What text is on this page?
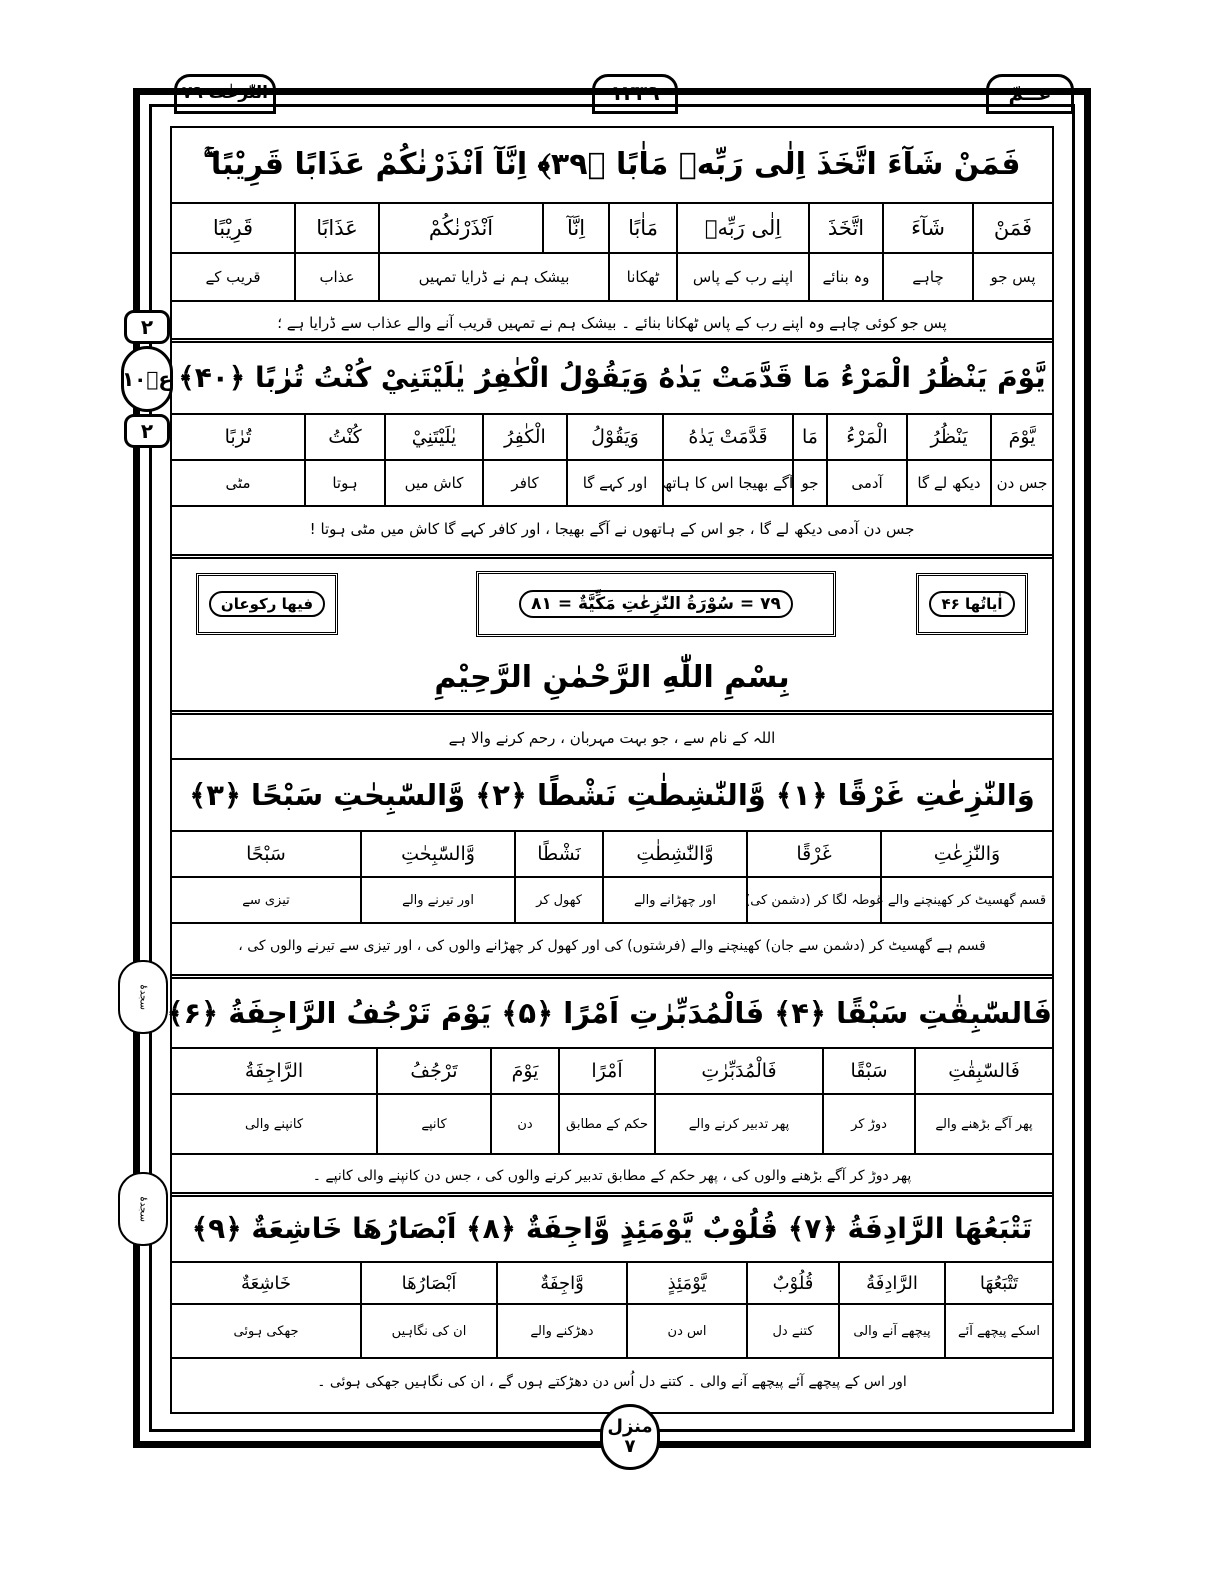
عــمّ
۱۲۳۹
النّٰزعٰت ۷۹
۲
عٖ۱۰
۲
سجدۂ
سجدۂ
فَمَنْ شَآءَ اتَّخَذَ اِلٰى رَبِّهٖ مَاٰبًا ﴿۳۹﴾ اِنَّآ اَنْذَرْنٰكُمْ عَذَابًا قَرِيْبًا ۚۖ
فَمَنْ
شَآءَ
اتَّخَذَ
اِلٰى رَبِّهٖ
مَاٰبًا
اِنَّآ
اَنْذَرْنٰكُمْ
عَذَابًا
قَرِيْبًا
پس جو
چاہے
وہ بنائے
اپنے رب کے پاس
ٹھکانا
بیشک ہم نے ڈرایا تمہیں
عذاب
قریب کے
پس جو کوئی چاہے وہ اپنے رب کے پاس ٹھکانا بنائے ۔ بیشک ہم نے تمہیں قریب آنے والے عذاب سے ڈرایا ہے ؛
يَّوْمَ يَنْظُرُ الْمَرْءُ مَا قَدَّمَتْ يَدٰهُ وَيَقُوْلُ الْكٰفِرُ يٰلَيْتَنِيْ كُنْتُ تُرٰبًا ﴿۴۰﴾
يَّوْمَ
يَنْظُرُ
الْمَرْءُ
مَا
قَدَّمَتْ يَدٰهُ
وَيَقُوْلُ
الْكٰفِرُ
يٰلَيْتَنِيْ
كُنْتُ
تُرٰبًا
جس دن
دیکھ لے گا
آدمی
جو
آگے بھیجا اس کا ہاتھ
اور کہے گا
کافر
کاش میں
ہوتا
مٹی
جس دن آدمی دیکھ لے گا ، جو اس کے ہاتھوں نے آگے بھیجا ، اور کافر کہے گا کاش میں مٹی ہوتا !
اٰیاتُھا ۴۶
۷۹ = سُوْرَةُ النّٰزِعٰتِ مَكِّيَّةٌ = ۸۱
فیھا رکوعان
بِسْمِ اللّٰهِ الرَّحْمٰنِ الرَّحِيْمِ
اللہ کے نام سے ، جو بہت مہربان ، رحم کرنے والا ہے
وَالنّٰزِعٰتِ غَرْقًا ﴿۱﴾ وَّالنّٰشِطٰتِ نَشْطًا ﴿۲﴾ وَّالسّٰبِحٰتِ سَبْحًا ﴿۳﴾
وَالنّٰزِعٰتِ
غَرْقًا
وَّالنّٰشِطٰتِ
نَشْطًا
وَّالسّٰبِحٰتِ
سَبْحًا
قسم گھسیٹ کر کھینچنے والے
غوطہ لگا کر (دشمن کی)
اور چھڑانے والے
کھول کر
اور تیرنے والے
تیزی سے
قسم ہے گھسیٹ کر (دشمن سے جان) کھینچنے والے (فرشتوں) کی اور کھول کر چھڑانے والوں کی ، اور تیزی سے تیرنے والوں کی ،
فَالسّٰبِقٰتِ سَبْقًا ﴿۴﴾ فَالْمُدَبِّرٰتِ اَمْرًا ﴿۵﴾ يَوْمَ تَرْجُفُ الرَّاجِفَةُ ﴿۶﴾
فَالسّٰبِقٰتِ
سَبْقًا
فَالْمُدَبِّرٰتِ
اَمْرًا
يَوْمَ
تَرْجُفُ
الرَّاجِفَةُ
پھر آگے بڑھنے والے
دوڑ کر
پھر تدبیر کرنے والے
حکم کے مطابق
دن
کانپے
کانپنے والی
پھر دوڑ کر آگے بڑھنے والوں کی ، پھر حکم کے مطابق تدبیر کرنے والوں کی ، جس دن کانپنے والی کانپے ۔
تَتْبَعُهَا الرَّادِفَةُ ﴿۷﴾ قُلُوْبٌ يَّوْمَئِذٍ وَّاجِفَةٌ ﴿۸﴾ اَبْصَارُهَا خَاشِعَةٌ ﴿۹﴾
تَتْبَعُهَا
الرَّادِفَةُ
قُلُوْبٌ
يَّوْمَئِذٍ
وَّاجِفَةٌ
اَبْصَارُهَا
خَاشِعَةٌ
اسکے پیچھے آئے
پیچھے آنے والی
کتنے دل
اس دن
دھڑکنے والے
ان کی نگاہیں
جھکی ہوئی
اور اس کے پیچھے آئے پیچھے آنے والی ۔ کتنے دل اُس دن دھڑکتے ہوں گے ، ان کی نگاہیں جھکی ہوئی ۔
منزل
۷
